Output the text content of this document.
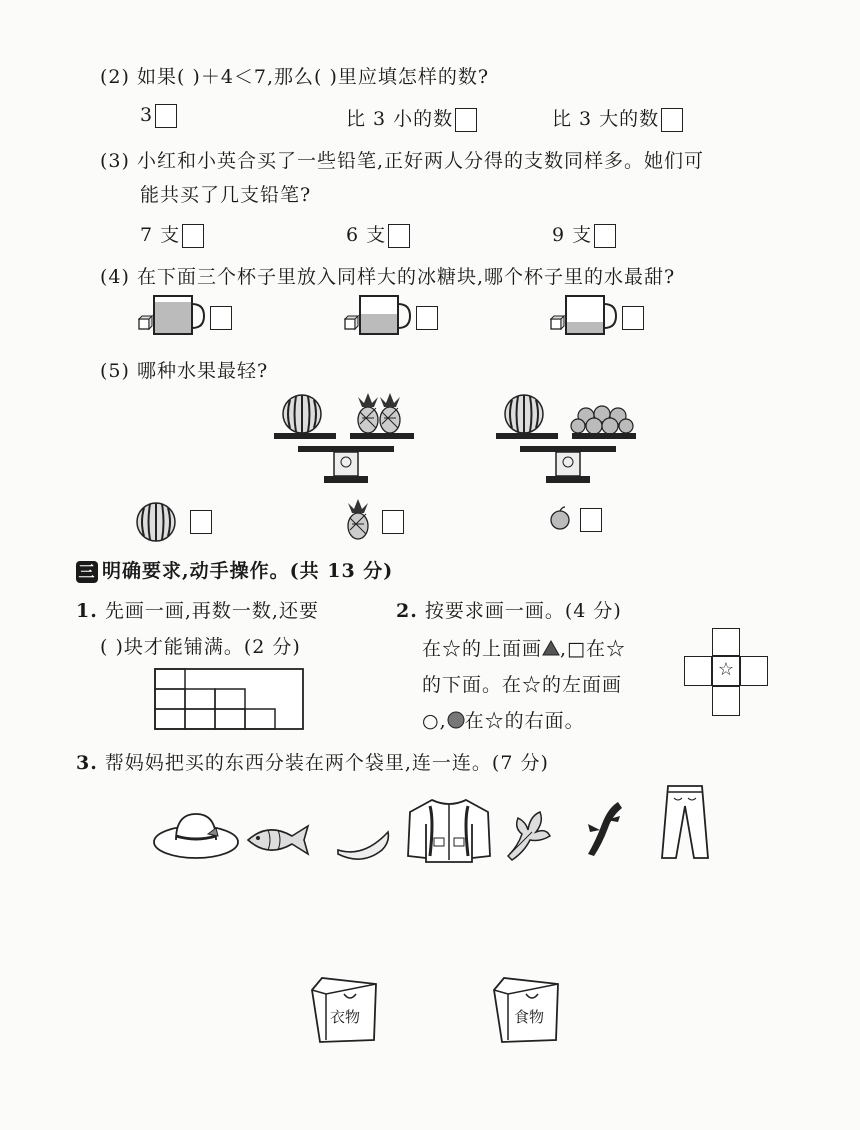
(2) 如果( )＋4＜7,那么( )里应填怎样的数?
3	比 3 小的数	比 3 大的数
(3) 小红和小英合买了一些铅笔,正好两人分得的支数同样多。她们可
能共买了几支铅笔?
7 支	6 支	9 支
(4) 在下面三个杯子里放入同样大的冰糖块,哪个杯子里的水最甜?
(5) 哪种水果最轻?
三 明确要求,动手操作。(共 13 分)
1. 先画一画,再数一数,还要
( )块才能铺满。(2 分)
2. 按要求画一画。(4 分)
在☆的上面画 ,□在☆
的下面。在☆的左面画
○, 在☆的右面。
☆
3. 帮妈妈把买的东西分装在两个袋里,连一连。(7 分)
衣物	食物
